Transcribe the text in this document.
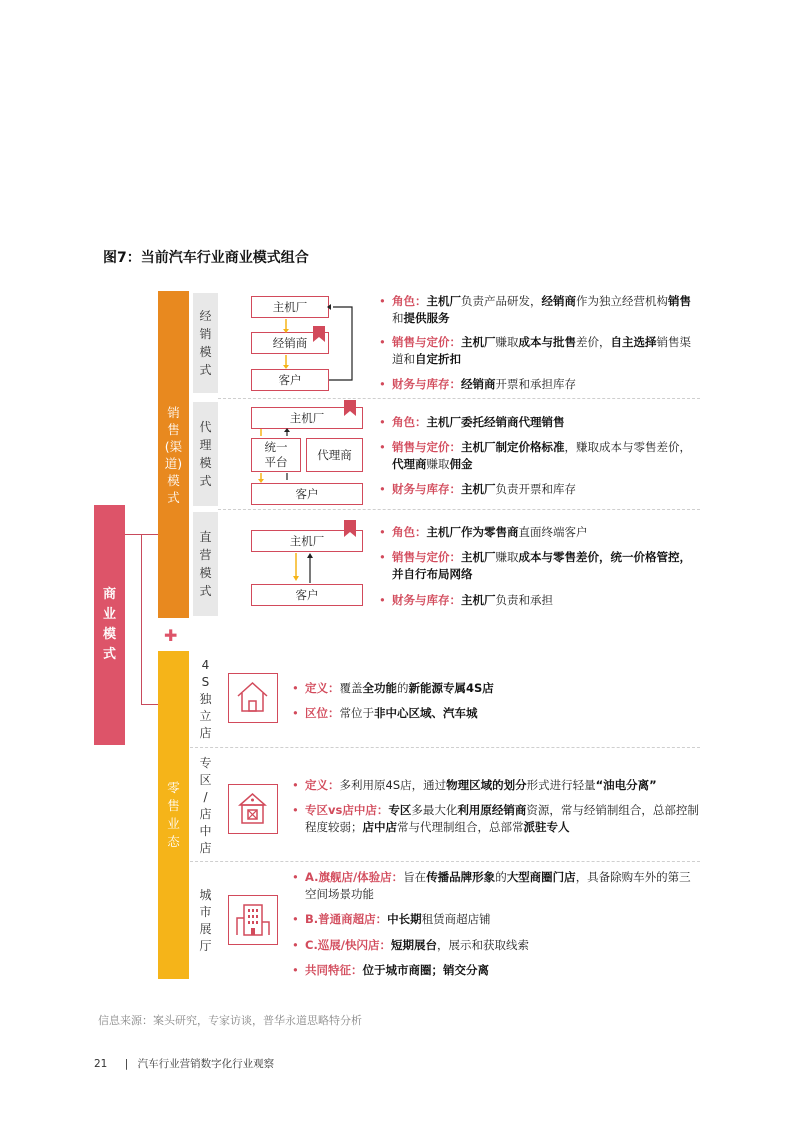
图7：当前汽车行业商业模式组合
商
业
模
式
销
售
(渠
道)
模
式
✚
零
售
业
态
经
销
模
式
代
理
模
式
直
营
模
式
4
S
独
立
店
专
区
/
店
中
店
城
市
展
厅
主机厂
经销商
客户
主机厂
统一
平台
代理商
客户
主机厂
客户
• 角色：主机厂负责产品研发，经销商作为独立经营机构销售和提供服务
• 销售与定价：主机厂赚取成本与批售差价，自主选择销售渠道和自定折扣
• 财务与库存：经销商开票和承担库存
• 角色：主机厂委托经销商代理销售
• 销售与定价：主机厂制定价格标准，赚取成本与零售差价，代理商赚取佣金
• 财务与库存：主机厂负责开票和库存
• 角色：主机厂作为零售商直面终端客户
• 销售与定价：主机厂赚取成本与零售差价，统一价格管控，并自行布局网络
• 财务与库存：主机厂负责和承担
• 定义：覆盖全功能的新能源专属4S店
• 区位：常位于非中心区域、汽车城
• 定义：多利用原4S店，通过物理区域的划分形式进行轻量“油电分离”
• 专区vs店中店：专区多最大化利用原经销商资源，常与经销制组合，总部控制程度较弱；店中店常与代理制组合，总部常派驻专人
• A.旗舰店/体验店：旨在传播品牌形象的大型商圈门店，具备除购车外的第三空间场景功能
• B.普通商超店：中长期租赁商超店铺
• C.巡展/快闪店：短期展台，展示和获取线索
• 共同特征：位于城市商圈；销交分离
信息来源：案头研究，专家访谈，普华永道思略特分析
21 | 汽车行业营销数字化行业观察
